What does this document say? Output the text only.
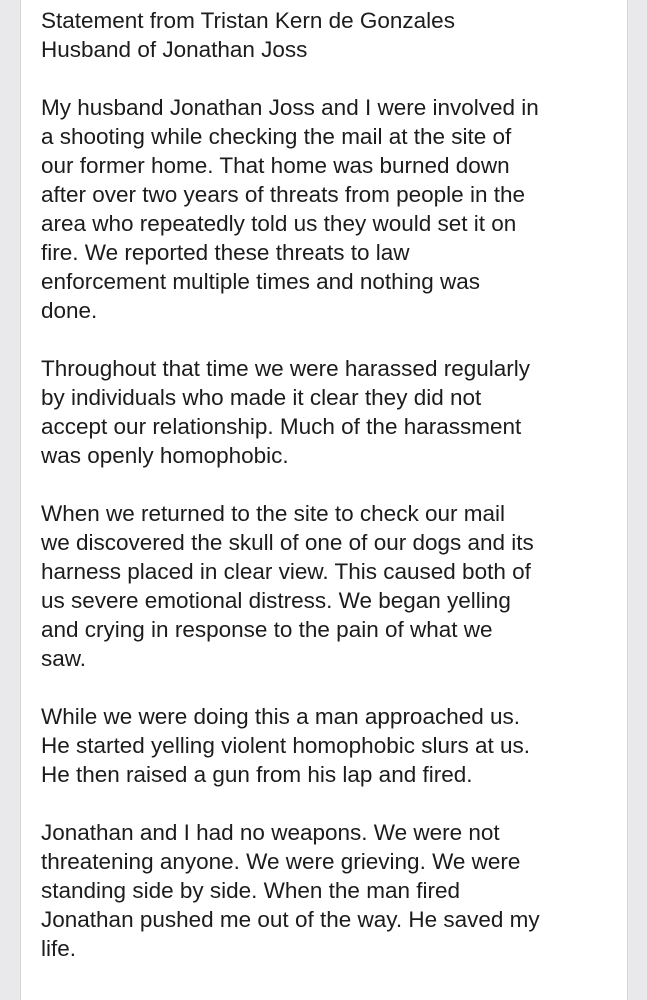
Statement from Tristan Kern de Gonzales
Husband of Jonathan Joss
My husband Jonathan Joss and I were involved in
a shooting while checking the mail at the site of
our former home. That home was burned down
after over two years of threats from people in the
area who repeatedly told us they would set it on
fire. We reported these threats to law
enforcement multiple times and nothing was
done.
Throughout that time we were harassed regularly
by individuals who made it clear they did not
accept our relationship. Much of the harassment
was openly homophobic.
When we returned to the site to check our mail
we discovered the skull of one of our dogs and its
harness placed in clear view. This caused both of
us severe emotional distress. We began yelling
and crying in response to the pain of what we
saw.
While we were doing this a man approached us.
He started yelling violent homophobic slurs at us.
He then raised a gun from his lap and fired.
Jonathan and I had no weapons. We were not
threatening anyone. We were grieving. We were
standing side by side. When the man fired
Jonathan pushed me out of the way. He saved my
life.
